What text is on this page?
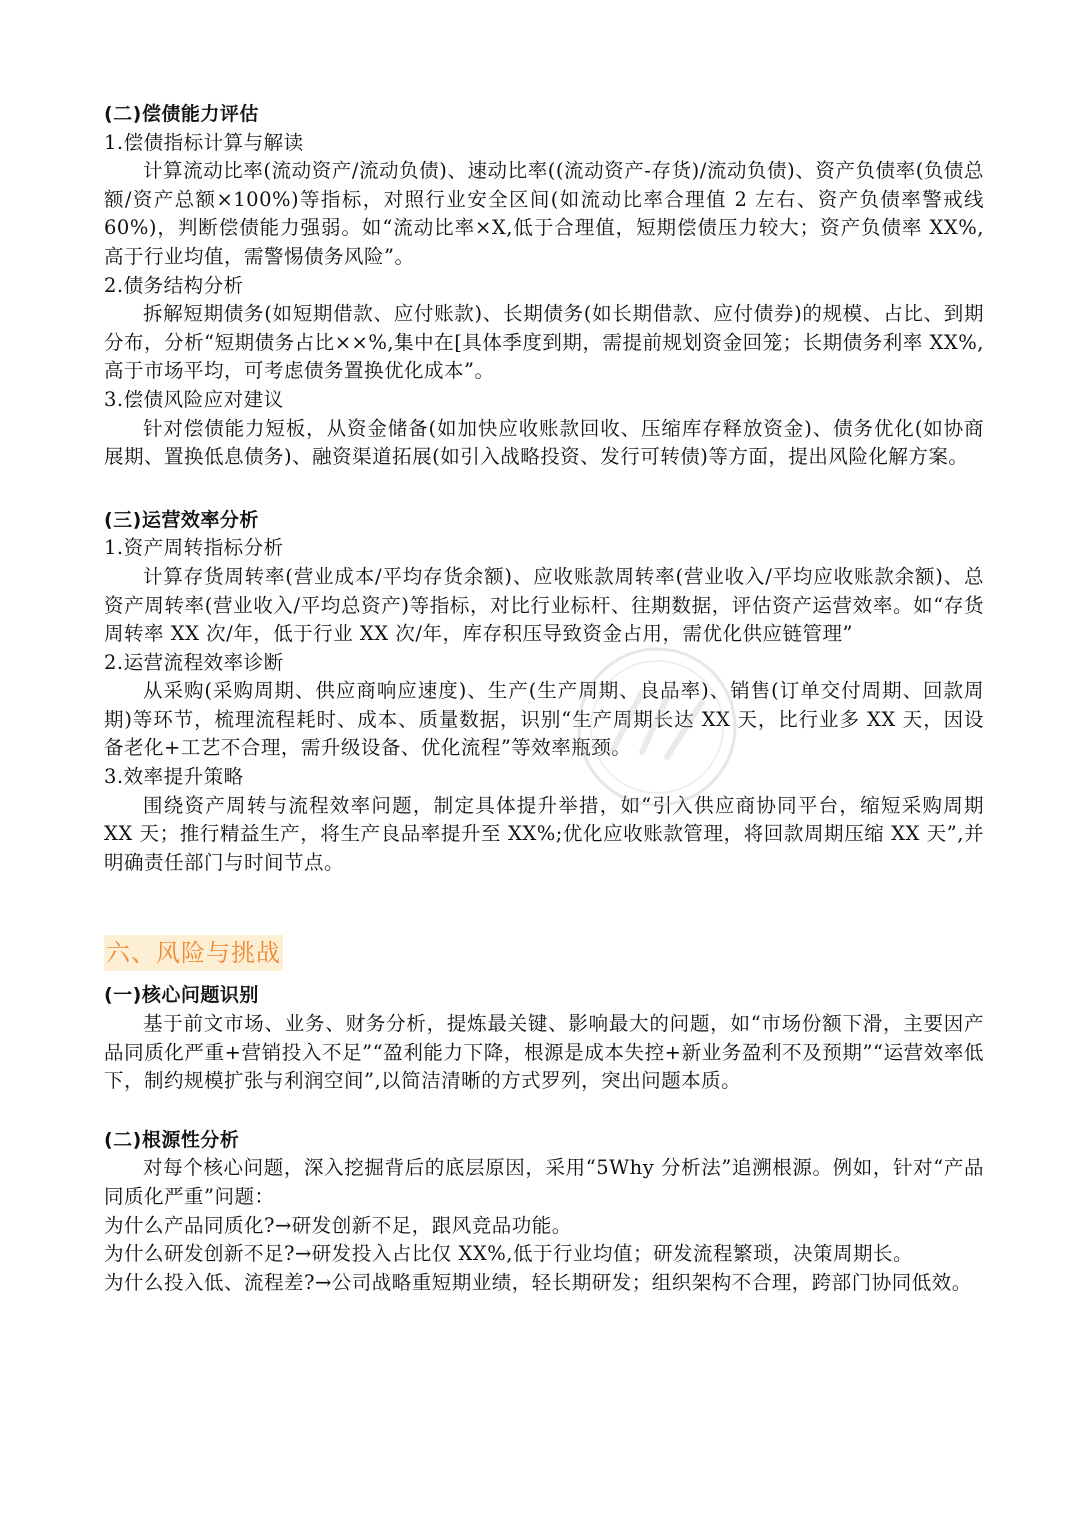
(二)偿债能力评估

1.偿债指标计算与解读

计算流动比率(流动资产/流动负债)、速动比率((流动资产-存货)/流动负债)、资产负债率(负债总额/资产总额×100%)等指标，对照行业安全区间(如流动比率合理值 2 左右、资产负债率警戒线 60%)，判断偿债能力强弱。如“流动比率×X,低于合理值，短期偿债压力较大；资产负债率 XX%,高于行业均值，需警惕债务风险”。

2.债务结构分析

拆解短期债务(如短期借款、应付账款)、长期债务(如长期借款、应付债券)的规模、占比、到期分布，分析“短期债务占比××%,集中在[具体季度到期，需提前规划资金回笼；长期债务利率 XX%,高于市场平均，可考虑债务置换优化成本”。

3.偿债风险应对建议

针对偿债能力短板，从资金储备(如加快应收账款回收、压缩库存释放资金)、债务优化(如协商展期、置换低息债务)、融资渠道拓展(如引入战略投资、发行可转债)等方面，提出风险化解方案。

(三)运营效率分析

1.资产周转指标分析

计算存货周转率(营业成本/平均存货余额)、应收账款周转率(营业收入/平均应收账款余额)、总资产周转率(营业收入/平均总资产)等指标，对比行业标杆、往期数据，评估资产运营效率。如“存货周转率 XX 次/年，低于行业 XX 次/年，库存积压导致资金占用，需优化供应链管理”

2.运营流程效率诊断

从采购(采购周期、供应商响应速度)、生产(生产周期、良品率)、销售(订单交付周期、回款周期)等环节，梳理流程耗时、成本、质量数据，识别“生产周期长达 XX 天，比行业多 XX 天，因设备老化+工艺不合理，需升级设备、优化流程”等效率瓶颈。

3.效率提升策略

围绕资产周转与流程效率问题，制定具体提升举措，如“引入供应商协同平台，缩短采购周期 XX 天；推行精益生产，将生产良品率提升至 XX%;优化应收账款管理，将回款周期压缩 XX 天”,并明确责任部门与时间节点。

六、风险与挑战

(一)核心问题识别

基于前文市场、业务、财务分析，提炼最关键、影响最大的问题，如“市场份额下滑，主要因产品同质化严重+营销投入不足”“盈利能力下降，根源是成本失控+新业务盈利不及预期”“运营效率低下，制约规模扩张与利润空间”,以简洁清晰的方式罗列，突出问题本质。

(二)根源性分析

对每个核心问题，深入挖掘背后的底层原因，采用“5Why 分析法”追溯根源。例如，针对“产品同质化严重”问题：

为什么产品同质化?→研发创新不足，跟风竞品功能。

为什么研发创新不足?→研发投入占比仅 XX%,低于行业均值；研发流程繁琐，决策周期长。

为什么投入低、流程差?→公司战略重短期业绩，轻长期研发；组织架构不合理，跨部门协同低效。
